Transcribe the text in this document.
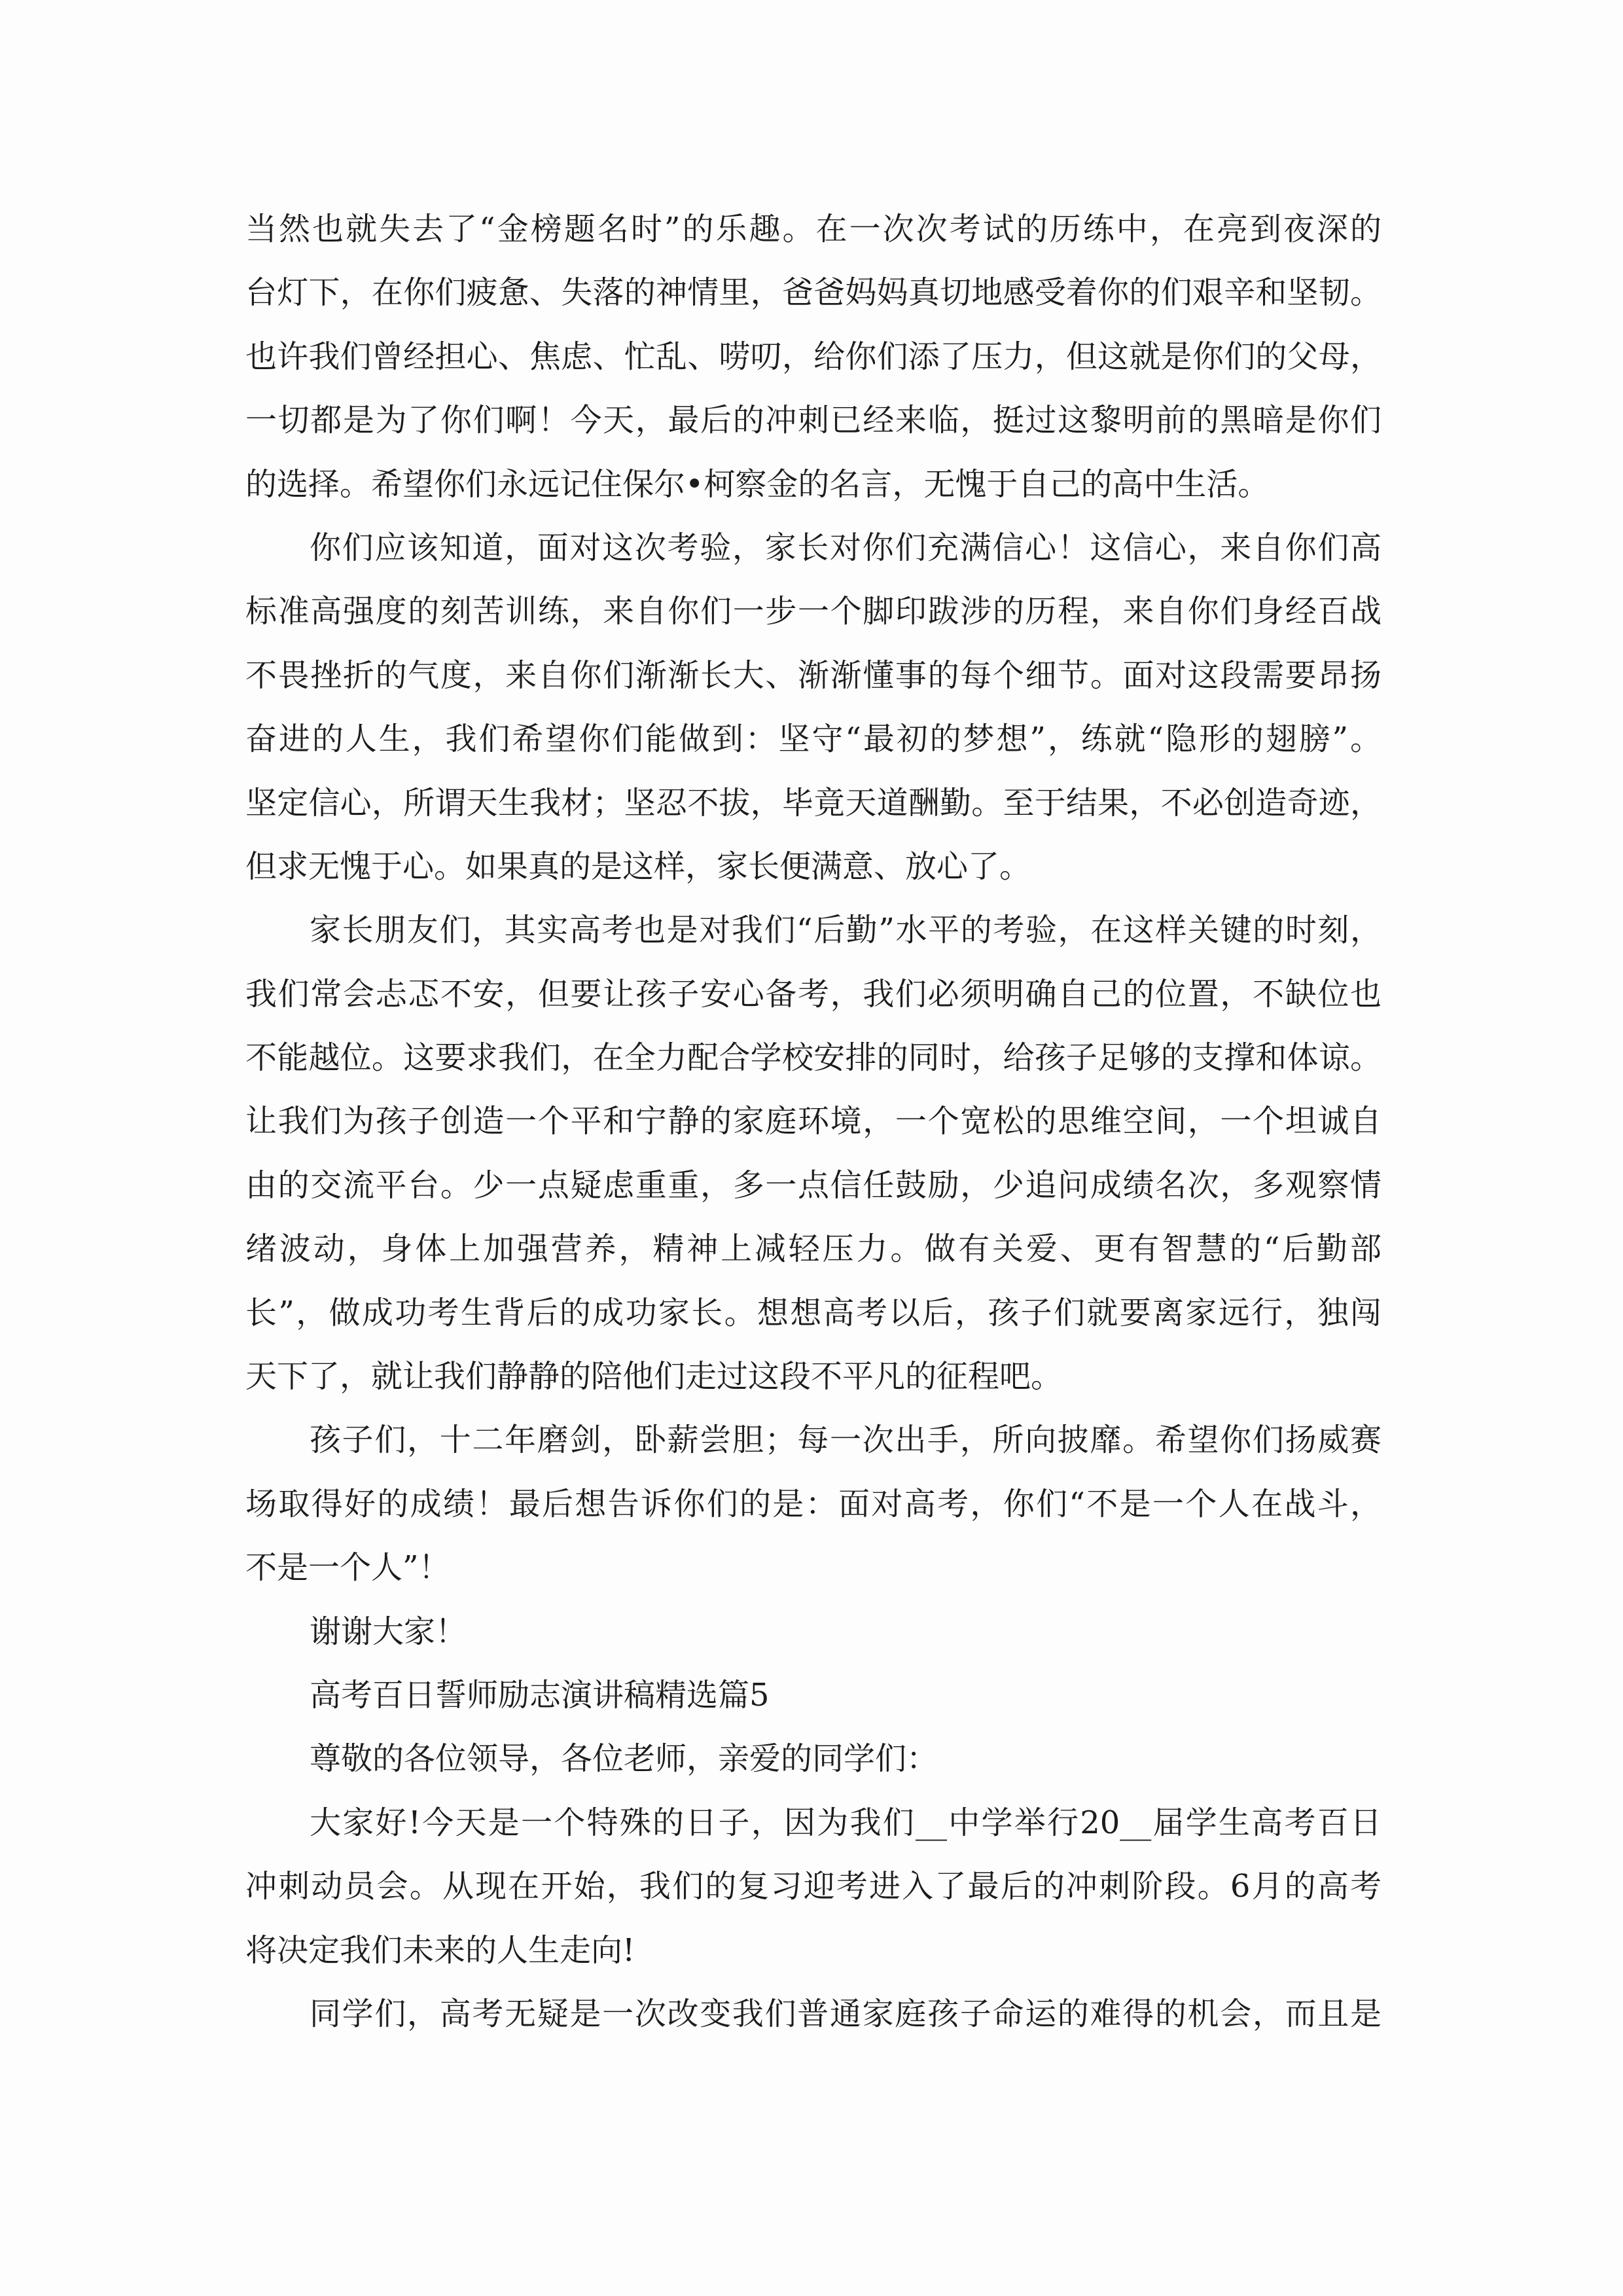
当然也就失去了“金榜题名时”的乐趣。在一次次考试的历练中，在亮到夜深的
台灯下，在你们疲惫、失落的神情里，爸爸妈妈真切地感受着你的们艰辛和坚韧。
也许我们曾经担心、焦虑、忙乱、唠叨，给你们添了压力，但这就是你们的父母，
一切都是为了你们啊！今天，最后的冲刺已经来临，挺过这黎明前的黑暗是你们
的选择。希望你们永远记住保尔•柯察金的名言，无愧于自己的高中生活。
你们应该知道，面对这次考验，家长对你们充满信心！这信心，来自你们高
标准高强度的刻苦训练，来自你们一步一个脚印跋涉的历程，来自你们身经百战
不畏挫折的气度，来自你们渐渐长大、渐渐懂事的每个细节。面对这段需要昂扬
奋进的人生，我们希望你们能做到：坚守“最初的梦想”，练就“隐形的翅膀”。
坚定信心，所谓天生我材；坚忍不拔，毕竟天道酬勤。至于结果，不必创造奇迹，
但求无愧于心。如果真的是这样，家长便满意、放心了。
家长朋友们，其实高考也是对我们“后勤”水平的考验，在这样关键的时刻，
我们常会忐忑不安，但要让孩子安心备考，我们必须明确自己的位置，不缺位也
不能越位。这要求我们，在全力配合学校安排的同时，给孩子足够的支撑和体谅。
让我们为孩子创造一个平和宁静的家庭环境，一个宽松的思维空间，一个坦诚自
由的交流平台。少一点疑虑重重，多一点信任鼓励，少追问成绩名次，多观察情
绪波动，身体上加强营养，精神上减轻压力。做有关爱、更有智慧的“后勤部
长”，做成功考生背后的成功家长。想想高考以后，孩子们就要离家远行，独闯
天下了，就让我们静静的陪他们走过这段不平凡的征程吧。
孩子们，十二年磨剑，卧薪尝胆；每一次出手，所向披靡。希望你们扬威赛
场取得好的成绩！最后想告诉你们的是：面对高考，你们“不是一个人在战斗，
不是一个人”！
谢谢大家！
高考百日誓师励志演讲稿精选篇5
尊敬的各位领导，各位老师，亲爱的同学们：
大家好!今天是一个特殊的日子，因为我们__中学举行20__届学生高考百日
冲刺动员会。从现在开始，我们的复习迎考进入了最后的冲刺阶段。6月的高考
将决定我们未来的人生走向!
同学们，高考无疑是一次改变我们普通家庭孩子命运的难得的机会，而且是
